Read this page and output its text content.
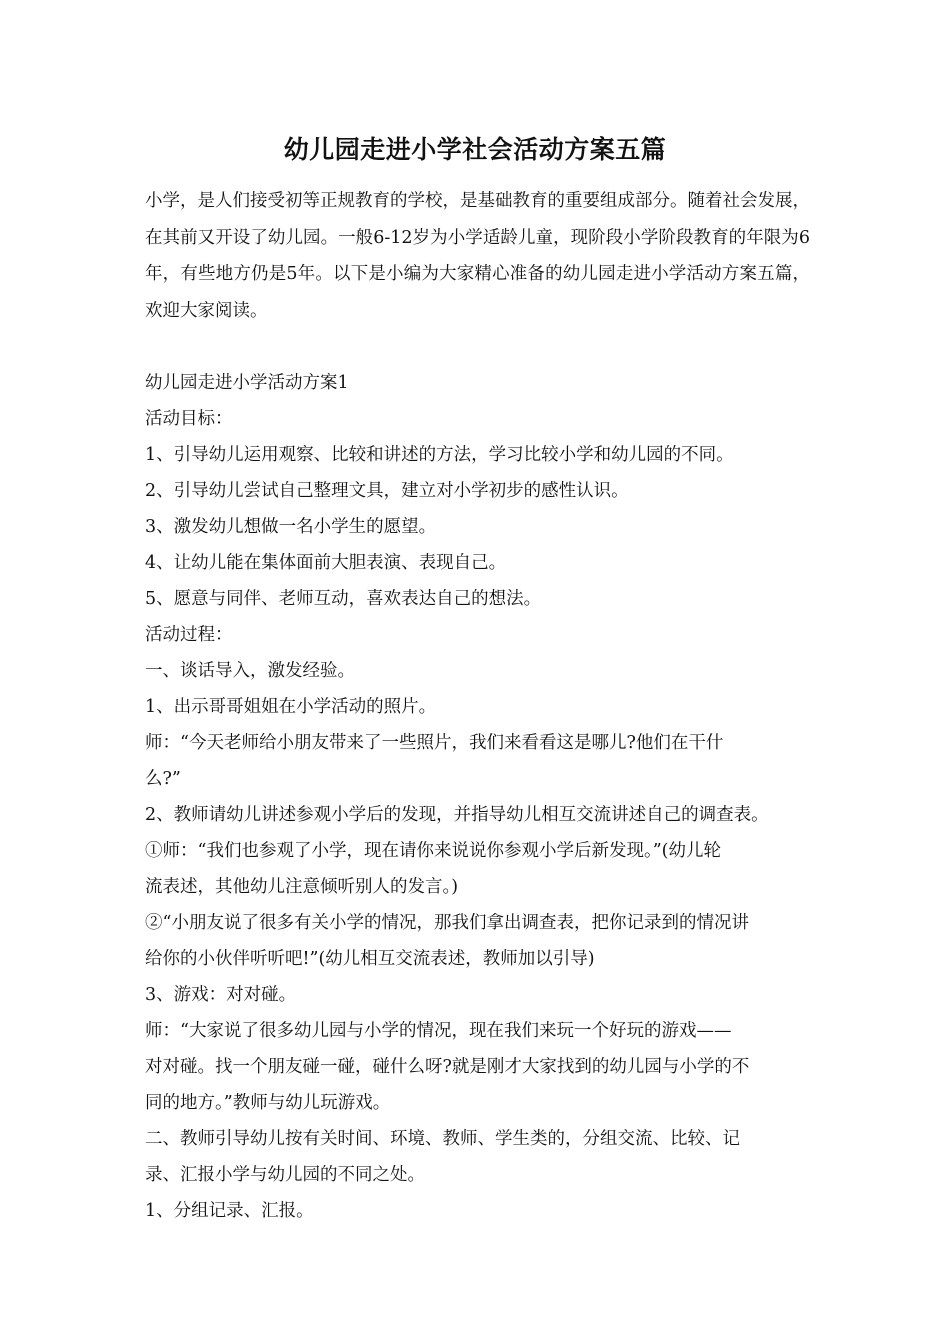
幼儿园走进小学社会活动方案五篇
小学，是人们接受初等正规教育的学校，是基础教育的重要组成部分。随着社会发展，在其前又开设了幼儿园。一般6-12岁为小学适龄儿童，现阶段小学阶段教育的年限为6年，有些地方仍是5年。以下是小编为大家精心准备的幼儿园走进小学活动方案五篇，欢迎大家阅读。
幼儿园走进小学活动方案1
活动目标：
1、引导幼儿运用观察、比较和讲述的方法，学习比较小学和幼儿园的不同。
2、引导幼儿尝试自己整理文具，建立对小学初步的感性认识。
3、激发幼儿想做一名小学生的愿望。
4、让幼儿能在集体面前大胆表演、表现自己。
5、愿意与同伴、老师互动，喜欢表达自己的想法。
活动过程：
一、谈话导入，激发经验。
1、出示哥哥姐姐在小学活动的照片。
师：“今天老师给小朋友带来了一些照片，我们来看看这是哪儿?他们在干什
么?”
2、教师请幼儿讲述参观小学后的发现，并指导幼儿相互交流讲述自己的调查表。
①师：“我们也参观了小学，现在请你来说说你参观小学后新发现。”(幼儿轮
流表述，其他幼儿注意倾听别人的发言。)
②“小朋友说了很多有关小学的情况，那我们拿出调查表，把你记录到的情况讲
给你的小伙伴听听吧!”(幼儿相互交流表述，教师加以引导)
3、游戏：对对碰。
师：“大家说了很多幼儿园与小学的情况，现在我们来玩一个好玩的游戏——
对对碰。找一个朋友碰一碰，碰什么呀?就是刚才大家找到的幼儿园与小学的不
同的地方。”教师与幼儿玩游戏。
二、教师引导幼儿按有关时间、环境、教师、学生类的，分组交流、比较、记
录、汇报小学与幼儿园的不同之处。
1、分组记录、汇报。
